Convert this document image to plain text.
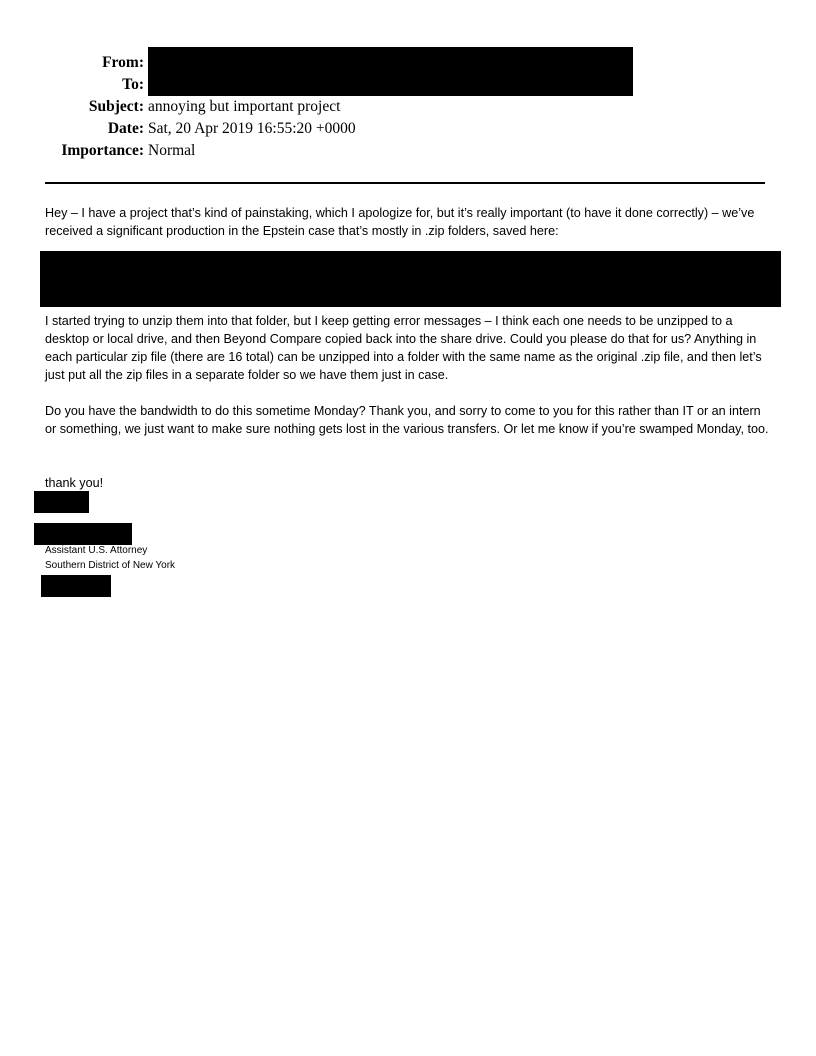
From:
To:
Subject: annoying but important project
Date: Sat, 20 Apr 2019 16:55:20 +0000
Importance: Normal

Hey – I have a project that’s kind of painstaking, which I apologize for, but it’s really important (to have it done correctly) – we’ve received a significant production in the Epstein case that’s mostly in .zip folders, saved here:

I started trying to unzip them into that folder, but I keep getting error messages – I think each one needs to be unzipped to a desktop or local drive, and then Beyond Compare copied back into the share drive. Could you please do that for us? Anything in each particular zip file (there are 16 total) can be unzipped into a folder with the same name as the original .zip file, and then let’s just put all the zip files in a separate folder so we have them just in case.

Do you have the bandwidth to do this sometime Monday? Thank you, and sorry to come to you for this rather than IT or an intern or something, we just want to make sure nothing gets lost in the various transfers. Or let me know if you’re swamped Monday, too.

thank you!

Assistant U.S. Attorney
Southern District of New York
